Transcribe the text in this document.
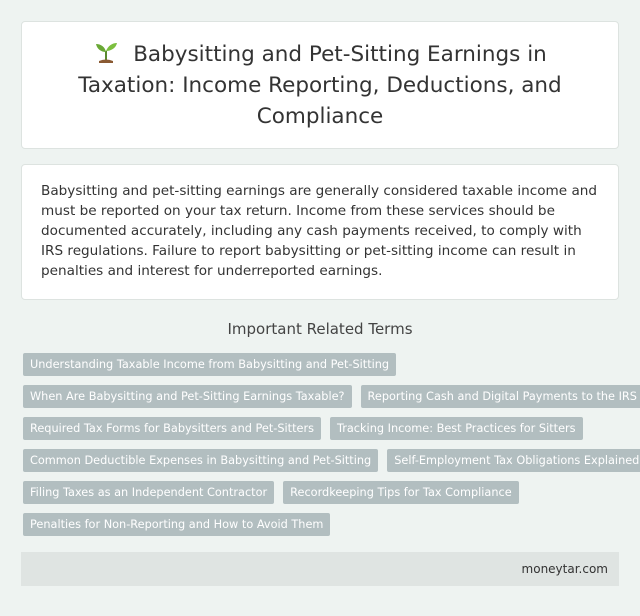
Babysitting and Pet-Sitting Earnings in Taxation: Income Reporting, Deductions, and Compliance

Babysitting and pet-sitting earnings are generally considered taxable income and must be reported on your tax return. Income from these services should be documented accurately, including any cash payments received, to comply with IRS regulations. Failure to report babysitting or pet-sitting income can result in penalties and interest for underreported earnings.

Important Related Terms
Understanding Taxable Income from Babysitting and Pet-Sitting
When Are Babysitting and Pet-Sitting Earnings Taxable?	Reporting Cash and Digital Payments to the IRS
Required Tax Forms for Babysitters and Pet-Sitters	Tracking Income: Best Practices for Sitters
Common Deductible Expenses in Babysitting and Pet-Sitting	Self-Employment Tax Obligations Explained
Filing Taxes as an Independent Contractor	Recordkeeping Tips for Tax Compliance
Penalties for Non-Reporting and How to Avoid Them
moneytar.com
